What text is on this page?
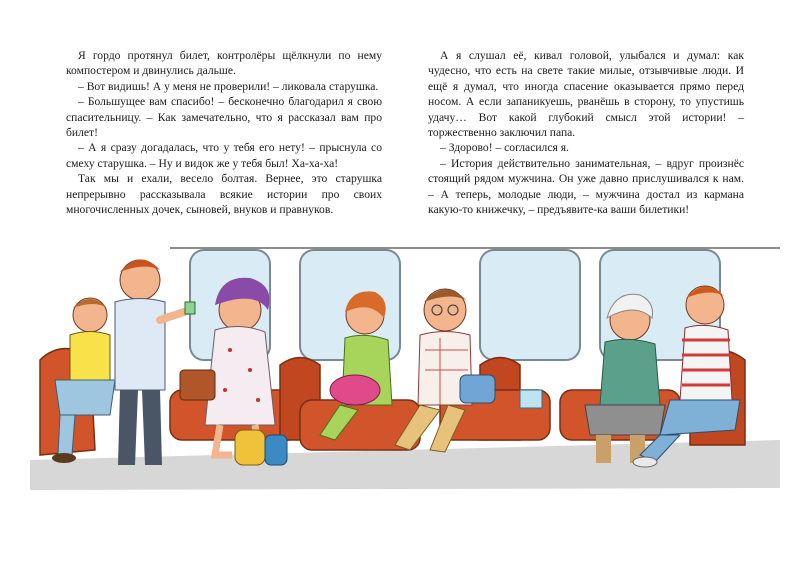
Я гордо протянул билет, контролёры щёлкнули по нему компостером и двинулись дальше.

– Вот видишь! А у меня не проверили! – ликовала старушка.

– Большущее вам спасибо! – бесконечно благодарил я свою спасительницу. – Как замечательно, что я рассказал вам про билет!

– А я сразу догадалась, что у тебя его нету! – прыснула со смеху старушка. – Ну и видок же у тебя был! Ха-ха-ха!

Так мы и ехали, весело болтая. Вернее, это старушка непрерывно рассказывала всякие истории про своих многочисленных дочек, сыновей, внуков и правнуков.

А я слушал её, кивал головой, улыбался и думал: как чудесно, что есть на свете такие милые, отзывчивые люди. И ещё я думал, что иногда спасение оказывается прямо перед носом. А если запаникуешь, рванёшь в сторону, то упустишь удачу… Вот какой глубокий смысл этой истории! – торжественно заключил папа.

– Здорово! – согласился я.

– История действительно занимательная, – вдруг произнёс стоящий рядом мужчина. Он уже давно прислушивался к нам. – А теперь, молодые люди, – мужчина достал из кармана какую-то книжечку, – предъявите-ка ваши билетики!
